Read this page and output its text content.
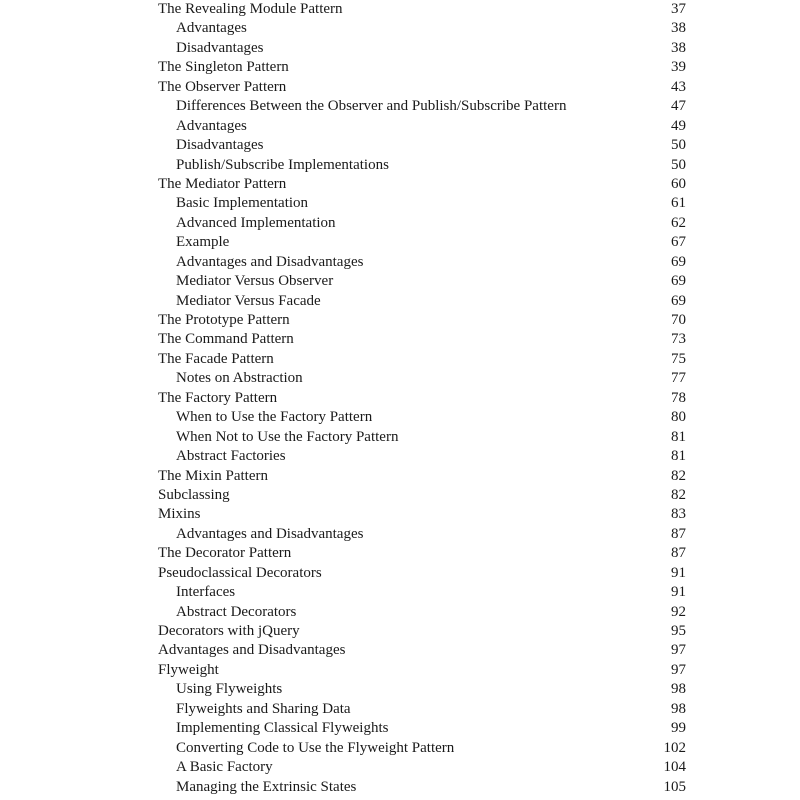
The Revealing Module Pattern	37
Advantages	38
Disadvantages	38
The Singleton Pattern	39
The Observer Pattern	43
Differences Between the Observer and Publish/Subscribe Pattern	47
Advantages	49
Disadvantages	50
Publish/Subscribe Implementations	50
The Mediator Pattern	60
Basic Implementation	61
Advanced Implementation	62
Example	67
Advantages and Disadvantages	69
Mediator Versus Observer	69
Mediator Versus Facade	69
The Prototype Pattern	70
The Command Pattern	73
The Facade Pattern	75
Notes on Abstraction	77
The Factory Pattern	78
When to Use the Factory Pattern	80
When Not to Use the Factory Pattern	81
Abstract Factories	81
The Mixin Pattern	82
Subclassing	82
Mixins	83
Advantages and Disadvantages	87
The Decorator Pattern	87
Pseudoclassical Decorators	91
Interfaces	91
Abstract Decorators	92
Decorators with jQuery	95
Advantages and Disadvantages	97
Flyweight	97
Using Flyweights	98
Flyweights and Sharing Data	98
Implementing Classical Flyweights	99
Converting Code to Use the Flyweight Pattern	102
A Basic Factory	104
Managing the Extrinsic States	105
